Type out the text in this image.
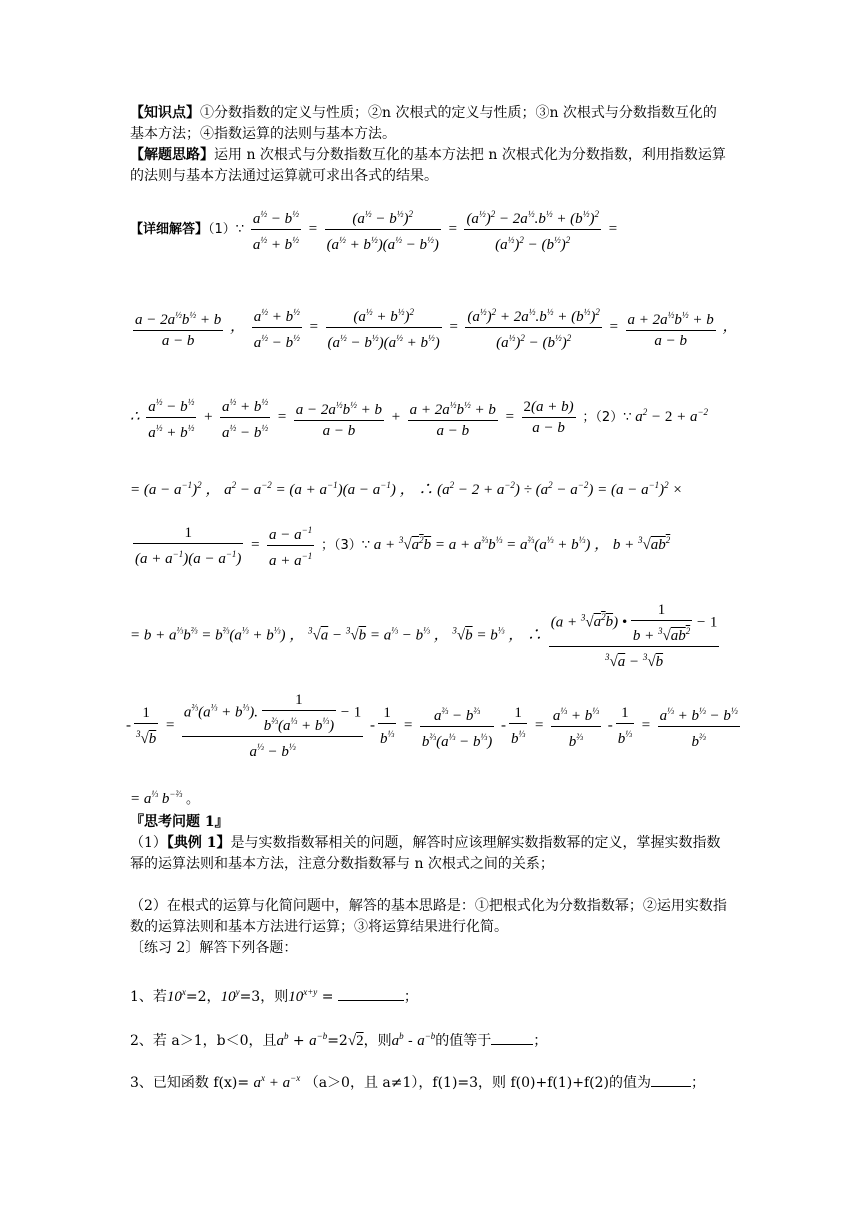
【知识点】①分数指数的定义与性质；②n 次根式的定义与性质；③n 次根式与分数指数互化的基本方法；④指数运算的法则与基本方法。

【解题思路】运用 n 次根式与分数指数互化的基本方法把 n 次根式化为分数指数，利用指数运算的法则与基本方法通过运算就可求出各式的结果。

【详细解答】（1）∵ $\frac{a^{\frac{1}{2}} - b^{\frac{1}{2}}}{a^{\frac{1}{2}} + b^{\frac{1}{2}}} = \frac{(a^{\frac{1}{2}} - b^{\frac{1}{2}})^2}{(a^{\frac{1}{2}} + b^{\frac{1}{2}})(a^{\frac{1}{2}} - b^{\frac{1}{2}})} = \frac{(a^{\frac{1}{2}})^2 - 2a^{\frac{1}{2}}.b^{\frac{1}{2}} + (b^{\frac{1}{2}})^2}{(a^{\frac{1}{2}})^2 - (b^{\frac{1}{2}})^2}$ =
$\frac{a - 2a^{\frac{1}{2}}b^{\frac{1}{2}} + b}{a - b}$ ， $\frac{a^{\frac{1}{2}} + b^{\frac{1}{2}}}{a^{\frac{1}{2}} - b^{\frac{1}{2}}} = \frac{(a^{\frac{1}{2}} + b^{\frac{1}{2}})^2}{(a^{\frac{1}{2}} - b^{\frac{1}{2}})(a^{\frac{1}{2}} + b^{\frac{1}{2}})} = \frac{(a^{\frac{1}{2}})^2 + 2a^{\frac{1}{2}}.b^{\frac{1}{2}} + (b^{\frac{1}{2}})^2}{(a^{\frac{1}{2}})^2 - (b^{\frac{1}{2}})^2} = \frac{a + 2a^{\frac{1}{2}}b^{\frac{1}{2}} + b}{a - b}$ ，
∴ $\frac{a^{\frac{1}{2}} - b^{\frac{1}{2}}}{a^{\frac{1}{2}} + b^{\frac{1}{2}}} + \frac{a^{\frac{1}{2}} + b^{\frac{1}{2}}}{a^{\frac{1}{2}} - b^{\frac{1}{2}}} = \frac{a - 2a^{\frac{1}{2}}b^{\frac{1}{2}} + b}{a - b} + \frac{a + 2a^{\frac{1}{2}}b^{\frac{1}{2}} + b}{a - b} = \frac{2(a + b)}{a - b}$ ；（2）∵ $a^2 - 2 + a^{-2}$
= $(a - a^{-1})^2$ ， $a^2 - a^{-2} = (a + a^{-1})(a - a^{-1})$ ， ∴ $(a^2 - 2 + a^{-2}) \div (a^2 - a^{-2}) = (a - a^{-1})^2$ ×
$\frac{1}{(a + a^{-1})(a - a^{-1})} = \frac{a - a^{-1}}{a + a^{-1}}$ ；（3）∵ $a + ^3√a^2b = a + a^{\frac{2}{3}}b^{\frac{1}{3}} = a^{\frac{2}{3}}(a^{\frac{1}{3}} + b^{\frac{1}{3}})$ ， $b + ^3√ab^2$
= $b + a^{\frac{1}{3}}b^{\frac{2}{3}} = b^{\frac{2}{3}}(a^{\frac{1}{3}} + b^{\frac{1}{3}})$ ， $^3√a - ^3√b = a^{\frac{1}{3}} - b^{\frac{1}{3}}$ ， $^3√b = b^{\frac{1}{3}}$ ， ∴ $\frac{(a + ^3√a^2b) • \frac{1}{b + ^3√ab^2} - 1}{^3√a - ^3√b}$
- $\frac{1}{^3√b} = \frac{a^{\frac{2}{3}}(a^{\frac{1}{3}} + b^{\frac{1}{3}}). \frac{1}{b^{\frac{2}{3}}(a^{\frac{1}{3}} + b^{\frac{1}{3}})} - 1}{a^{\frac{1}{3}} - b^{\frac{1}{3}}} - \frac{1}{b^{\frac{1}{3}}} = \frac{a^{\frac{2}{3}} - b^{\frac{2}{3}}}{b^{\frac{2}{3}}(a^{\frac{1}{3}} - b^{\frac{1}{3}})} - \frac{1}{b^{\frac{1}{3}}} = \frac{a^{\frac{1}{3}} + b^{\frac{1}{3}}}{b^{\frac{2}{3}}} - \frac{1}{b^{\frac{1}{3}}} = \frac{a^{\frac{1}{3}} + b^{\frac{1}{3}} - b^{\frac{1}{3}}}{b^{\frac{2}{3}}}$
= $a^{\frac{1}{3}}$ $b^{-\frac{2}{3}}$ 。

『思考问题 1』

（1）【典例 1】是与实数指数幂相关的问题，解答时应该理解实数指数幂的定义，掌握实数指数幂的运算法则和基本方法，注意分数指数幂与 n 次根式之间的关系；

（2）在根式的运算与化简问题中，解答的基本思路是：①把根式化为分数指数幂；②运用实数指数的运算法则和基本方法进行运算；③将运算结果进行化简。

〔练习 2〕解答下列各题：

1、若$10^x=2$，$10^y=3$，则$10^{x+y}$ =	；
2、若 a＞1，b＜0，且$a^b + a^{-b}=2√2$，则$a^b - a^{-b}$的值等于	；
3、已知函数 $f(x)= a^x + a^{-x}$ （a＞0，且 a≠1），f(1)=3，则 f(0)+f(1)+f(2)的值为	；
